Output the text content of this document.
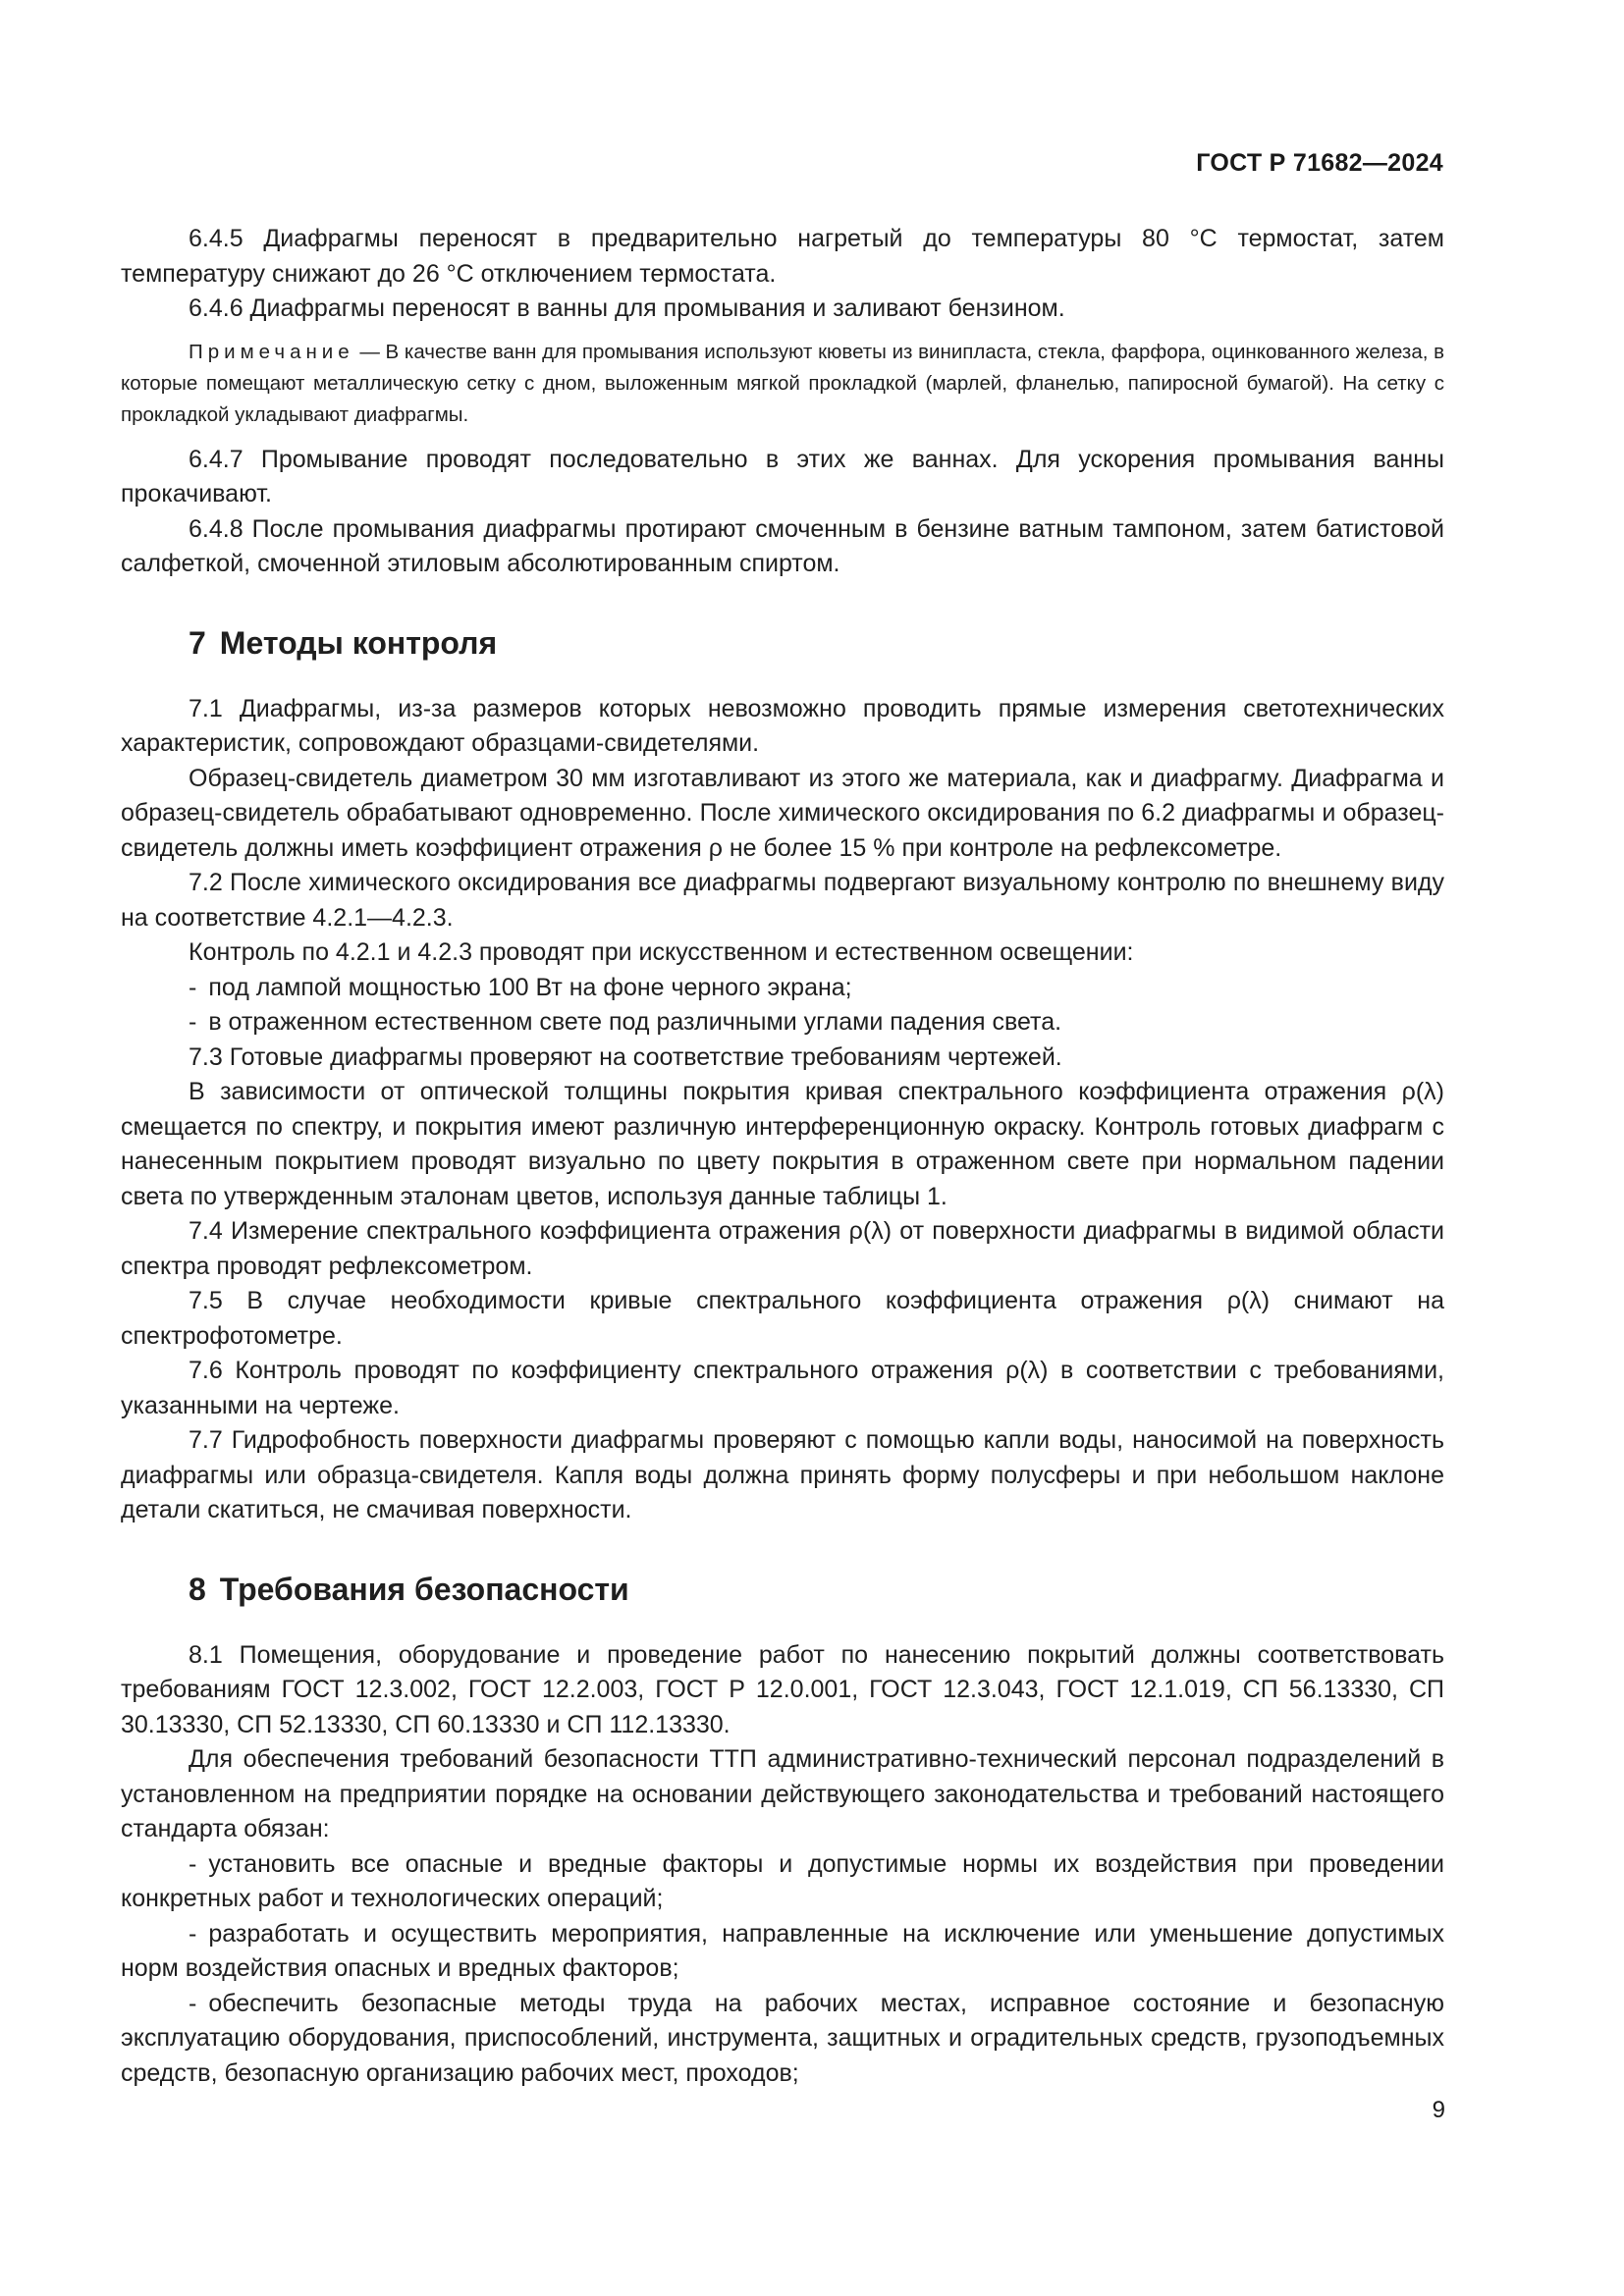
ГОСТ Р 71682—2024

6.4.5 Диафрагмы переносят в предварительно нагретый до температуры 80 °С термостат, затем температуру снижают до 26 °С отключением термостата.

6.4.6 Диафрагмы переносят в ванны для промывания и заливают бензином.

Примечание — В качестве ванн для промывания используют кюветы из винипласта, стекла, фарфора, оцинкованного железа, в которые помещают металлическую сетку с дном, выложенным мягкой прокладкой (марлей, фланелью, папиросной бумагой). На сетку с прокладкой укладывают диафрагмы.

6.4.7 Промывание проводят последовательно в этих же ваннах. Для ускорения промывания ванны прокачивают.

6.4.8 После промывания диафрагмы протирают смоченным в бензине ватным тампоном, затем батистовой салфеткой, смоченной этиловым абсолютированным спиртом.

7 Методы контроля

7.1 Диафрагмы, из-за размеров которых невозможно проводить прямые измерения светотехнических характеристик, сопровождают образцами-свидетелями.

Образец-свидетель диаметром 30 мм изготавливают из этого же материала, как и диафрагму. Диафрагма и образец-свидетель обрабатывают одновременно. После химического оксидирования по 6.2 диафрагмы и образец-свидетель должны иметь коэффициент отражения ρ не более 15 % при контроле на рефлексометре.

7.2 После химического оксидирования все диафрагмы подвергают визуальному контролю по внешнему виду на соответствие 4.2.1—4.2.3.

Контроль по 4.2.1 и 4.2.3 проводят при искусственном и естественном освещении:

- под лампой мощностью 100 Вт на фоне черного экрана;

- в отраженном естественном свете под различными углами падения света.

7.3 Готовые диафрагмы проверяют на соответствие требованиям чертежей.

В зависимости от оптической толщины покрытия кривая спектрального коэффициента отражения ρ(λ) смещается по спектру, и покрытия имеют различную интерференционную окраску. Контроль готовых диафрагм с нанесенным покрытием проводят визуально по цвету покрытия в отраженном свете при нормальном падении света по утвержденным эталонам цветов, используя данные таблицы 1.

7.4 Измерение спектрального коэффициента отражения ρ(λ) от поверхности диафрагмы в видимой области спектра проводят рефлексометром.

7.5 В случае необходимости кривые спектрального коэффициента отражения ρ(λ) снимают на спектрофотометре.

7.6 Контроль проводят по коэффициенту спектрального отражения ρ(λ) в соответствии с требованиями, указанными на чертеже.

7.7 Гидрофобность поверхности диафрагмы проверяют с помощью капли воды, наносимой на поверхность диафрагмы или образца-свидетеля. Капля воды должна принять форму полусферы и при небольшом наклоне детали скатиться, не смачивая поверхности.

8 Требования безопасности

8.1 Помещения, оборудование и проведение работ по нанесению покрытий должны соответствовать требованиям ГОСТ 12.3.002, ГОСТ 12.2.003, ГОСТ Р 12.0.001, ГОСТ 12.3.043, ГОСТ 12.1.019, СП 56.13330, СП 30.13330, СП 52.13330, СП 60.13330 и СП 112.13330.

Для обеспечения требований безопасности ТТП административно-технический персонал подразделений в установленном на предприятии порядке на основании действующего законодательства и требований настоящего стандарта обязан:

- установить все опасные и вредные факторы и допустимые нормы их воздействия при проведении конкретных работ и технологических операций;

- разработать и осуществить мероприятия, направленные на исключение или уменьшение допустимых норм воздействия опасных и вредных факторов;

- обеспечить безопасные методы труда на рабочих местах, исправное состояние и безопасную эксплуатацию оборудования, приспособлений, инструмента, защитных и оградительных средств, грузоподъемных средств, безопасную организацию рабочих мест, проходов;

9
